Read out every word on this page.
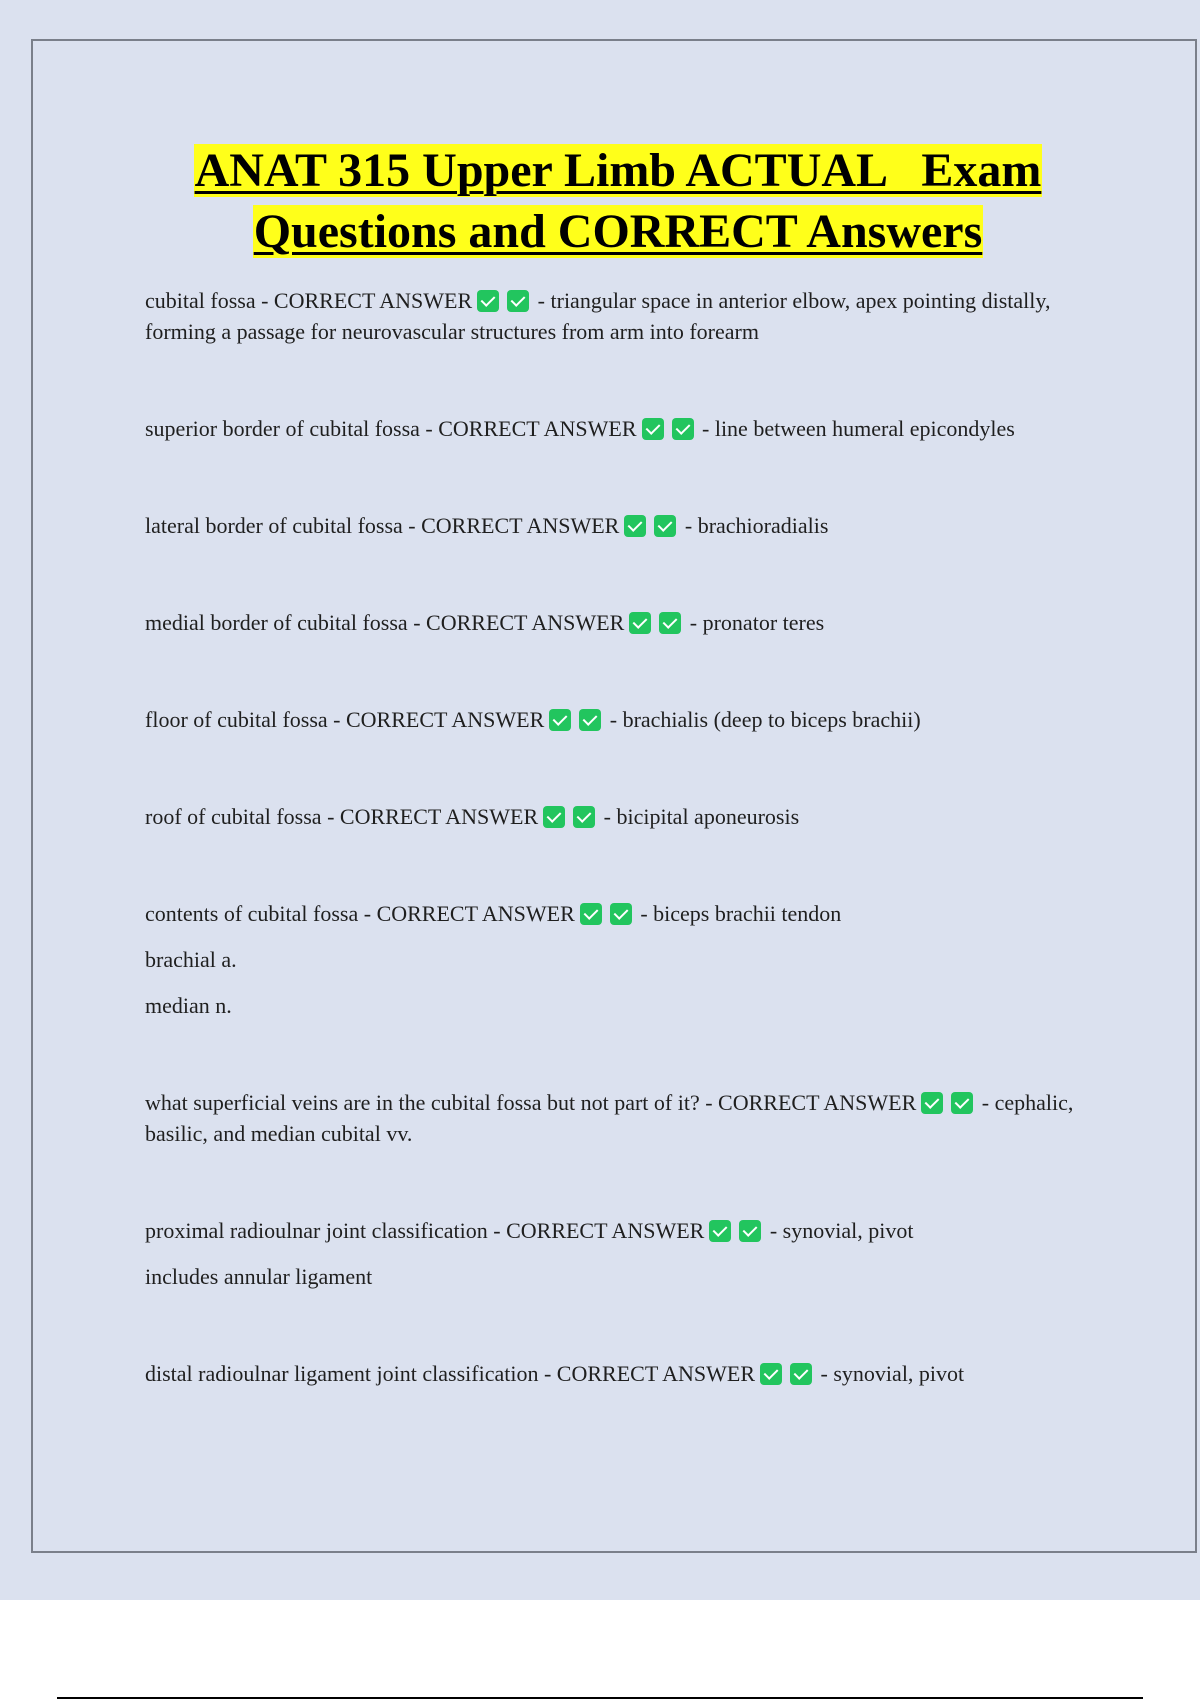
ANAT 315 Upper Limb ACTUAL   Exam
Questions and CORRECT Answers

cubital fossa - CORRECT ANSWER	- triangular space in anterior elbow, apex pointing distally, forming a passage for neurovascular structures from arm into forearm

superior border of cubital fossa - CORRECT ANSWER	- line between humeral epicondyles

lateral border of cubital fossa - CORRECT ANSWER	- brachioradialis

medial border of cubital fossa - CORRECT ANSWER	- pronator teres

floor of cubital fossa - CORRECT ANSWER	- brachialis (deep to biceps brachii)

roof of cubital fossa - CORRECT ANSWER	- bicipital aponeurosis

contents of cubital fossa - CORRECT ANSWER	- biceps brachii tendon

brachial a.

median n.

what superficial veins are in the cubital fossa but not part of it? - CORRECT ANSWER	- cephalic, basilic, and median cubital vv.

proximal radioulnar joint classification - CORRECT ANSWER	- synovial, pivot

includes annular ligament

distal radioulnar ligament joint classification - CORRECT ANSWER	- synovial, pivot
